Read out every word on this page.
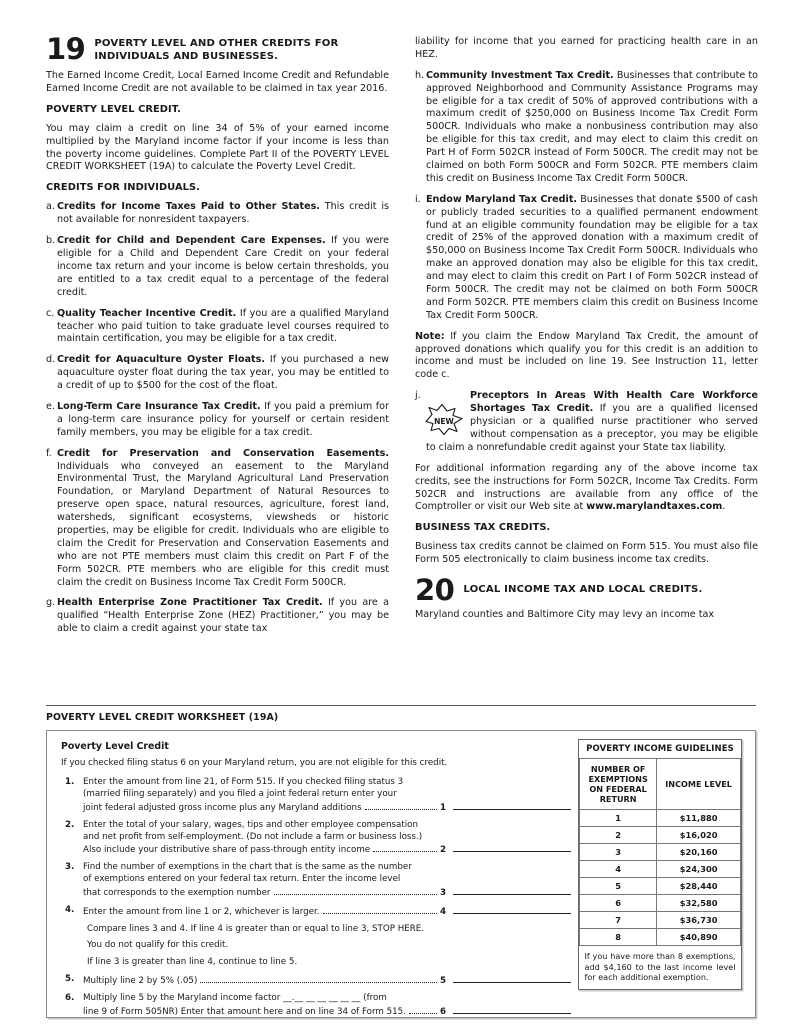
19 POVERTY LEVEL AND OTHER CREDITS FOR INDIVIDUALS AND BUSINESSES.

The Earned Income Credit, Local Earned Income Credit and Refundable Earned Income Credit are not available to be claimed in tax year 2016.

POVERTY LEVEL CREDIT.

You may claim a credit on line 34 of 5% of your earned income multiplied by the Maryland income factor if your income is less than the poverty income guidelines. Complete Part II of the POVERTY LEVEL CREDIT WORKSHEET (19A) to calculate the Poverty Level Credit.

CREDITS FOR INDIVIDUALS.
a. Credits for Income Taxes Paid to Other States. This credit is not available for nonresident taxpayers.
b. Credit for Child and Dependent Care Expenses. If you were eligible for a Child and Dependent Care Credit on your federal income tax return and your income is below certain thresholds, you are entitled to a tax credit equal to a percentage of the federal credit.
c. Quality Teacher Incentive Credit. If you are a qualified Maryland teacher who paid tuition to take graduate level courses required to maintain certification, you may be eligible for a tax credit.
d. Credit for Aquaculture Oyster Floats. If you purchased a new aquaculture oyster float during the tax year, you may be entitled to a credit of up to $500 for the cost of the float.
e. Long-Term Care Insurance Tax Credit. If you paid a premium for a long-term care insurance policy for yourself or certain resident family members, you may be eligible for a tax credit.
f. Credit for Preservation and Conservation Easements. Individuals who conveyed an easement to the Maryland Environmental Trust, the Maryland Agricultural Land Preservation Foundation, or Maryland Department of Natural Resources to preserve open space, natural resources, agriculture, forest land, watersheds, significant ecosystems, viewsheds or historic properties, may be eligible for credit. Individuals who are eligible to claim the Credit for Preservation and Conservation Easements and who are not PTE members must claim this credit on Part F of the Form 502CR. PTE members who are eligible for this credit must claim the credit on Business Income Tax Credit Form 500CR.
g. Health Enterprise Zone Practitioner Tax Credit. If you are a qualified “Health Enterprise Zone (HEZ) Practitioner,” you may be able to claim a credit against your state tax

liability for income that you earned for practicing health care in an HEZ.

h. Community Investment Tax Credit. Businesses that contribute to approved Neighborhood and Community Assistance Programs may be eligible for a tax credit of 50% of approved contributions with a maximum credit of $250,000 on Business Income Tax Credit Form 500CR. Individuals who make a nonbusiness contribution may also be eligible for this tax credit, and may elect to claim this credit on Part H of Form 502CR instead of Form 500CR. The credit may not be claimed on both Form 500CR and Form 502CR. PTE members claim this credit on Business Income Tax Credit Form 500CR.
i. Endow Maryland Tax Credit. Businesses that donate $500 of cash or publicly traded securities to a qualified permanent endowment fund at an eligible community foundation may be eligible for a tax credit of 25% of the approved donation with a maximum credit of $50,000 on Business Income Tax Credit Form 500CR. Individuals who make an approved donation may also be eligible for this tax credit, and may elect to claim this credit on Part I of Form 502CR instead of Form 500CR. The credit may not be claimed on both Form 500CR and Form 502CR. PTE members claim this credit on Business Income Tax Credit Form 500CR.

Note: If you claim the Endow Maryland Tax Credit, the amount of approved donations which qualify you for this credit is an addition to income and must be included on line 19. See Instruction 11, letter code c.

j.
NEW
Preceptors In Areas With Health Care Workforce Shortages Tax Credit. If you are a qualified licensed physician or a qualified nurse practitioner who served without compensation as a preceptor, you may be eligible to claim a nonrefundable credit against your State tax liability.

For additional information regarding any of the above income tax credits, see the instructions for Form 502CR, Income Tax Credits. Form 502CR and instructions are available from any office of the Comptroller or visit our Web site at www.marylandtaxes.com.

BUSINESS TAX CREDITS.

Business tax credits cannot be claimed on Form 515. You must also file Form 505 electronically to claim business income tax credits.

20 LOCAL INCOME TAX AND LOCAL CREDITS.

Maryland counties and Baltimore City may levy an income tax

POVERTY LEVEL CREDIT WORKSHEET (19A)

Poverty Level Credit

If you checked filing status 6 on your Maryland return, you are not eligible for this credit.

1. Enter the amount from line 21, of Form 515. If you checked filing status 3
(married filing separately) and you filed a joint federal return enter your
joint federal adjusted gross income plus any Maryland additions	1
2. Enter the total of your salary, wages, tips and other employee compensation
and net profit from self-employment. (Do not include a farm or business loss.)
Also include your distributive share of pass-through entity income	2
3. Find the number of exemptions in the chart that is the same as the number
of exemptions entered on your federal tax return. Enter the income level
that corresponds to the exemption number	3
4. Enter the amount from line 1 or 2, whichever is larger.	4

Compare lines 3 and 4. If line 4 is greater than or equal to line 3, STOP HERE.

You do not qualify for this credit.

If line 3 is greater than line 4, continue to line 5.

5. Multiply line 2 by 5% (.05)	5
6. Multiply line 5 by the Maryland income factor __.__ __ __ __ __ __ (from
line 9 of Form 505NR) Enter that amount here and on line 34 of Form 515.	6
POVERTY INCOME GUIDELINES	
NUMBER OF EXEMPTIONS ON FEDERAL RETURN	INCOME LEVEL
1	$11,880
2	$16,020
3	$20,160
4	$24,300
5	$28,440
6	$32,580
7	$36,730
8	$40,890
If you have more than 8 exemptions, add $4,160 to the last income level for each additional exemption.	
